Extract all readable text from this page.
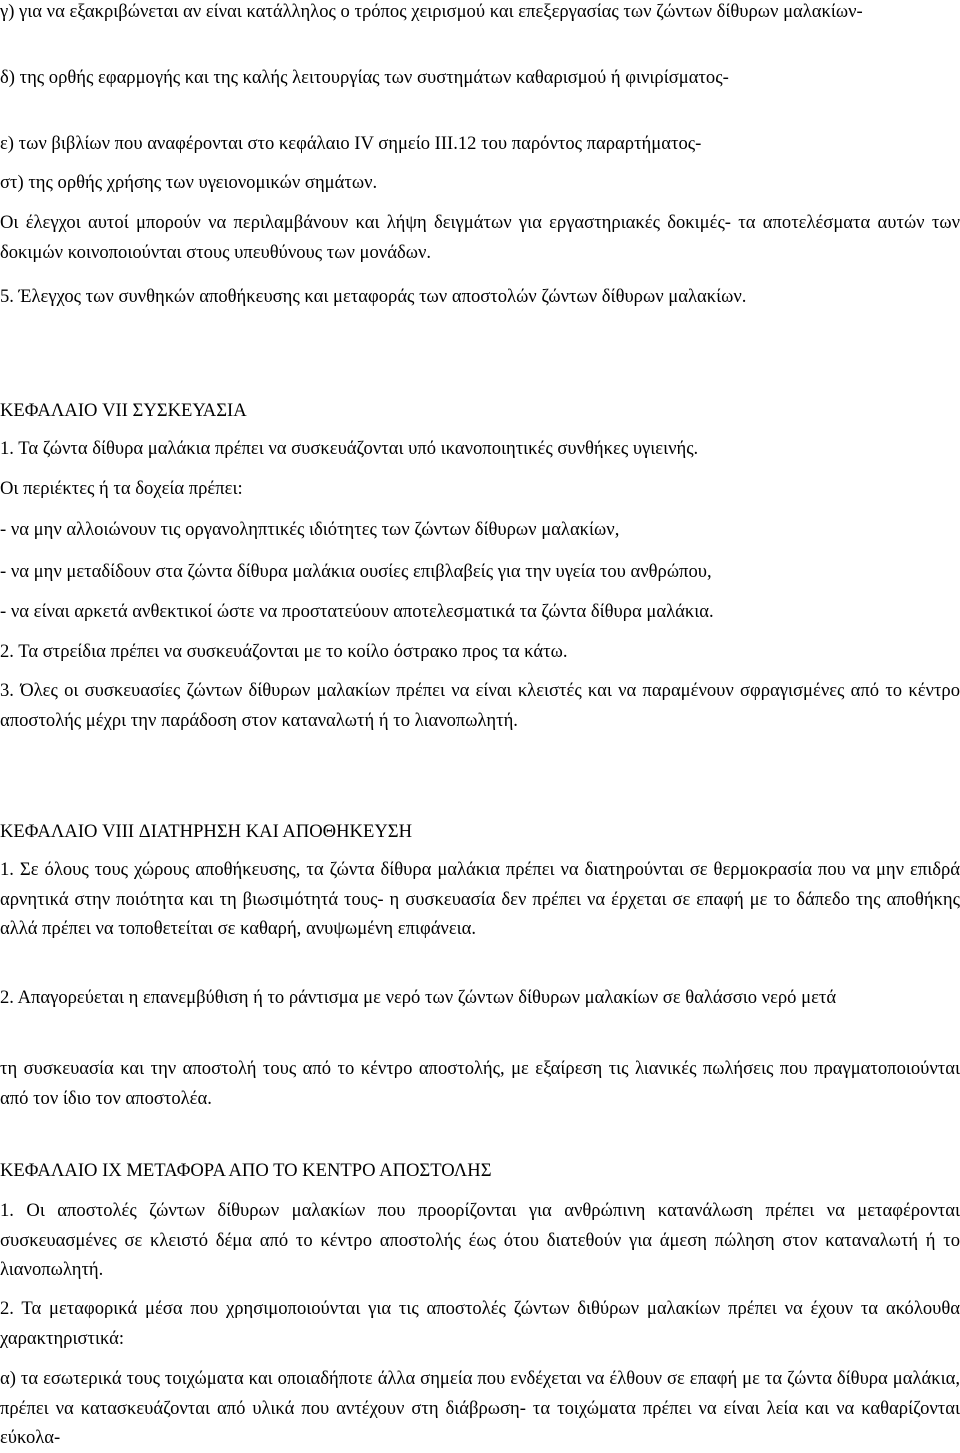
γ) για να εξακριβώνεται αν είναι κατάλληλος ο τρόπος χειρισμού και επεξεργασίας των ζώντων δίθυρων μαλακίων-

δ) της ορθής εφαρμογής και της καλής λειτουργίας των συστημάτων καθαρισμού ή φινιρίσματος-

ε) των βιβλίων που αναφέρονται στο κεφάλαιο IV σημείο III.12 του παρόντος παραρτήματος-

στ) της ορθής χρήσης των υγειονομικών σημάτων.

Οι έλεγχοι αυτοί μπορούν να περιλαμβάνουν και λήψη δειγμάτων για εργαστηριακές δοκιμές- τα αποτελέσματα αυτών των δοκιμών κοινοποιούνται στους υπευθύνους των μονάδων.

5. Έλεγχος των συνθηκών αποθήκευσης και μεταφοράς των αποστολών ζώντων δίθυρων μαλακίων.

ΚΕΦΑΛΑΙΟ VII ΣΥΣΚΕΥΑΣΙΑ

1. Τα ζώντα δίθυρα μαλάκια πρέπει να συσκευάζονται υπό ικανοποιητικές συνθήκες υγιεινής.

Οι περιέκτες ή τα δοχεία πρέπει:

- να μην αλλοιώνουν τις οργανοληπτικές ιδιότητες των ζώντων δίθυρων μαλακίων,

- να μην μεταδίδουν στα ζώντα δίθυρα μαλάκια ουσίες επιβλαβείς για την υγεία του ανθρώπου,

- να είναι αρκετά ανθεκτικοί ώστε να προστατεύουν αποτελεσματικά τα ζώντα δίθυρα μαλάκια.

2. Τα στρείδια πρέπει να συσκευάζονται με το κοίλο όστρακο προς τα κάτω.

3. Όλες οι συσκευασίες ζώντων δίθυρων μαλακίων πρέπει να είναι κλειστές και να παραμένουν σφραγισμένες από το κέντρο αποστολής μέχρι την παράδοση στον καταναλωτή ή το λιανοπωλητή.

ΚΕΦΑΛΑΙΟ VIII ΔΙΑΤΗΡΗΣΗ ΚΑΙ ΑΠΟΘΗΚΕΥΣΗ

1. Σε όλους τους χώρους αποθήκευσης, τα ζώντα δίθυρα μαλάκια πρέπει να διατηρούνται σε θερμοκρασία που να μην επιδρά αρνητικά στην ποιότητα και τη βιωσιμότητά τους- η συσκευασία δεν πρέπει να έρχεται σε επαφή με το δάπεδο της αποθήκης αλλά πρέπει να τοποθετείται σε καθαρή, ανυψωμένη επιφάνεια.

2. Απαγορεύεται η επανεμβύθιση ή το ράντισμα με νερό των ζώντων δίθυρων μαλακίων σε θαλάσσιο νερό μετά

τη συσκευασία και την αποστολή τους από το κέντρο αποστολής, με εξαίρεση τις λιανικές πωλήσεις που πραγματοποιούνται από τον ίδιο τον αποστολέα.

ΚΕΦΑΛΑΙΟ IX ΜΕΤΑΦΟΡΑ ΑΠΟ ΤΟ ΚΕΝΤΡΟ ΑΠΟΣΤΟΛΗΣ

1. Οι αποστολές ζώντων δίθυρων μαλακίων που προορίζονται για ανθρώπινη κατανάλωση πρέπει να μεταφέρονται συσκευασμένες σε κλειστό δέμα από το κέντρο αποστολής έως ότου διατεθούν για άμεση πώληση στον καταναλωτή ή το λιανοπωλητή.

2. Τα μεταφορικά μέσα που χρησιμοποιούνται για τις αποστολές ζώντων διθύρων μαλακίων πρέπει να έχουν τα ακόλουθα χαρακτηριστικά:

α) τα εσωτερικά τους τοιχώματα και οποιαδήποτε άλλα σημεία που ενδέχεται να έλθουν σε επαφή με τα ζώντα δίθυρα μαλάκια, πρέπει να κατασκευάζονται από υλικά που αντέχουν στη διάβρωση- τα τοιχώματα πρέπει να είναι λεία και να καθαρίζονται εύκολα-
